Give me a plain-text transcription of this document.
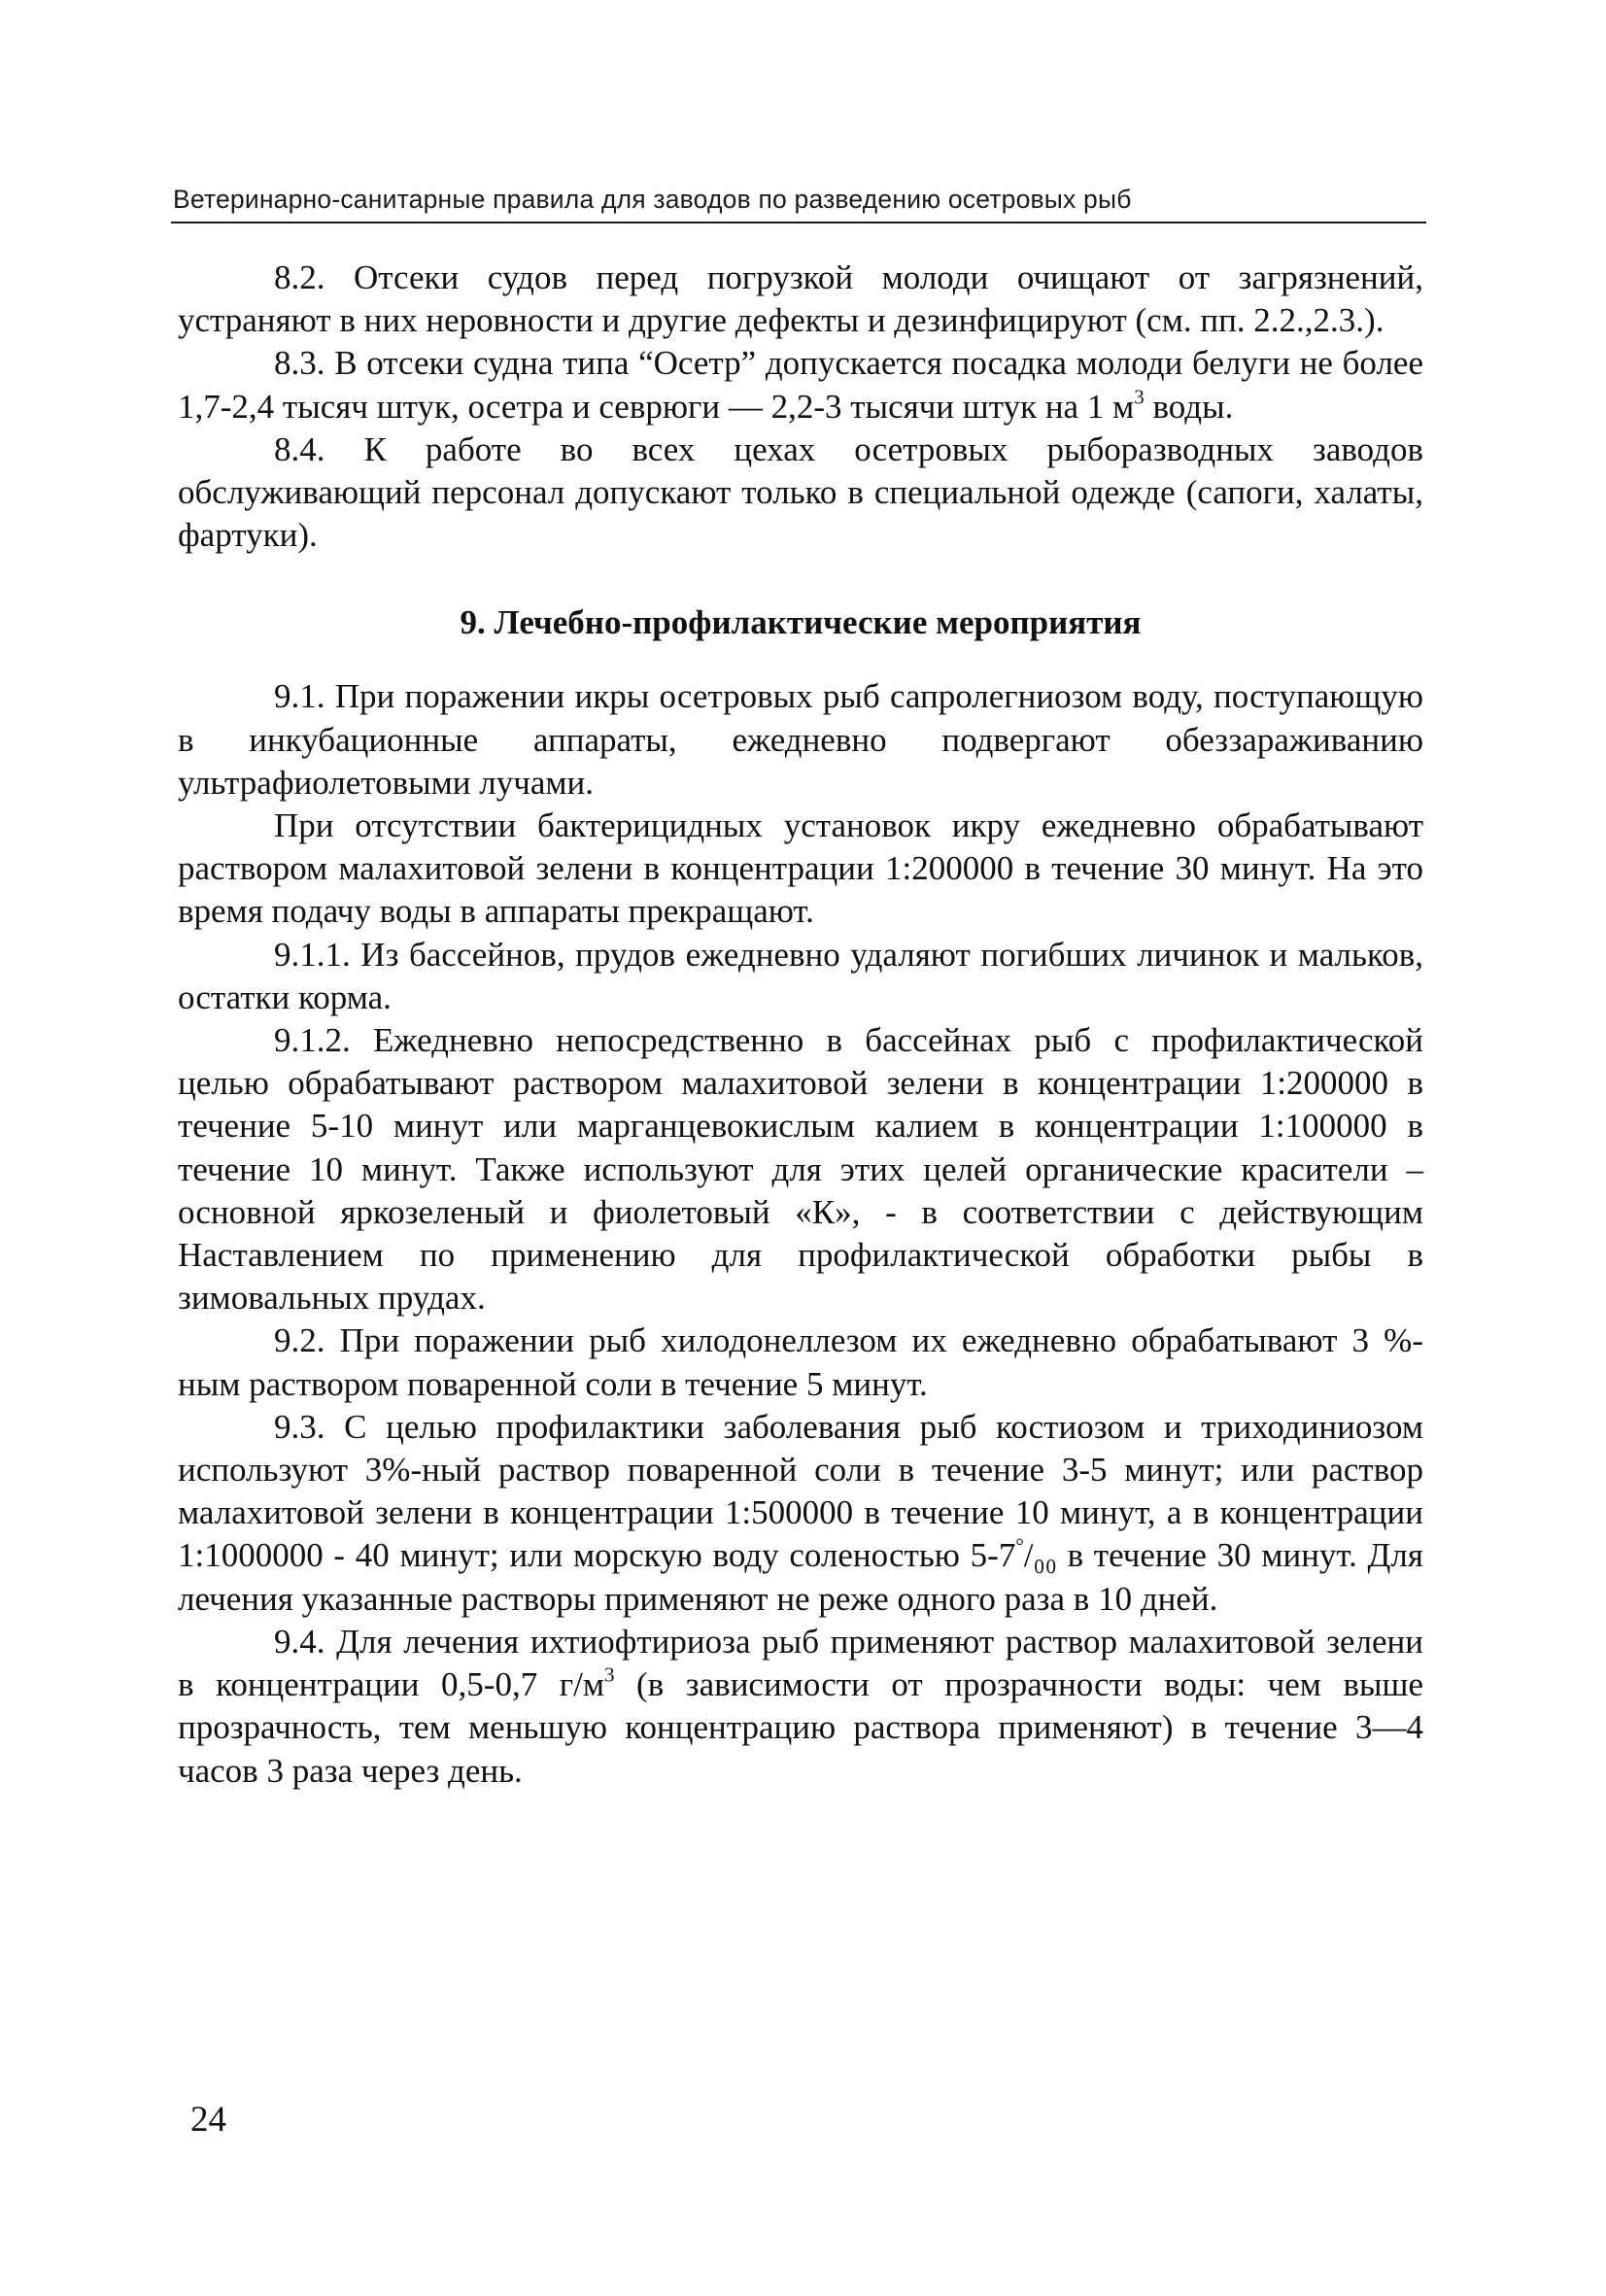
Ветеринарно-санитарные правила для заводов по разведению осетровых рыб

8.2. Отсеки судов перед погрузкой молоди очищают от загрязнений, устраняют в них неровности и другие дефекты и дезинфицируют (см. пп. 2.2.,2.3.).

8.3. В отсеки судна типа “Осетр” допускается посадка молоди белуги не более 1,7-2,4 тысяч штук, осетра и севрюги — 2,2-3 тысячи штук на 1 $м^3$ воды.

8.4. К работе во всех цехах осетровых рыборазводных заводов обслуживающий персонал допускают только в специальной одежде (сапоги, халаты, фартуки).

9. Лечебно-профилактические мероприятия

9.1. При поражении икры осетровых рыб сапролегниозом воду, поступающую в инкубационные аппараты, ежедневно подвергают обеззараживанию ультрафиолетовыми лучами.

При отсутствии бактерицидных установок икру ежедневно обрабатывают раствором малахитовой зелени в концентрации 1:200000 в течение 30 минут. На это время подачу воды в аппараты прекращают.

9.1.1. Из бассейнов, прудов ежедневно удаляют погибших личинок и мальков, остатки корма.

9.1.2. Ежедневно непосредственно в бассейнах рыб с профилактической целью обрабатывают раствором малахитовой зелени в концентрации 1:200000 в течение 5-10 минут или марганцевокислым калием в концентрации 1:100000 в течение 10 минут. Также используют для этих целей органические красители – основной яркозеленый и фиолетовый «К», - в соответствии с действующим Наставлением по применению для профилактической обработки рыбы в зимовальных прудах.

9.2. При поражении рыб хилодонеллезом их ежедневно обрабатывают 3 %-ным раствором поваренной соли в течение 5 минут.

9.3. С целью профилактики заболевания рыб костиозом и триходиниозом используют 3%-ный раствор поваренной соли в течение 3-5 минут; или раствор малахитовой зелени в концентрации 1:500000 в течение 10 минут, а в концентрации 1:1000000 - 40 минут; или морскую воду соленостью 5-7°/₀₀ в течение 30 минут. Для лечения указанные растворы применяют не реже одного раза в 10 дней.

9.4. Для лечения ихтиофтириоза рыб применяют раствор малахитовой зелени в концентрации 0,5-0,7 $г/м^3$ (в зависимости от прозрачности воды: чем выше прозрачность, тем меньшую концентрацию раствора применяют) в течение 3—4 часов 3 раза через день.

24
